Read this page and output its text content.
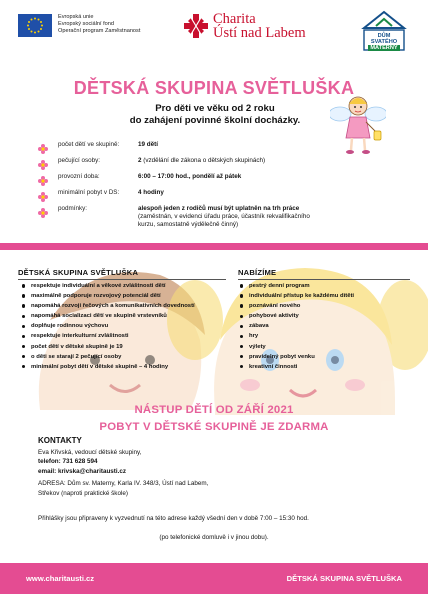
Evropská unie
Evropský sociální fond
Operační program Zaměstnanost
Charita
Ústí nad Labem	DŮM
SVATÉHO
MATERNY
DĚTSKÁ SKUPINA SVĚTLUŠKA
Pro děti ve věku od 2 roku
do zahájení povinné školní docházky.
počet dětí ve skupině:	19 dětí
pečující osoby:	2 (vzdělání dle zákona o dětských skupinách)
provozní doba:	6:00 – 17:00 hod., pondělí až pátek
minimální pobyt v DS:	4 hodiny
podmínky:	alespoň jeden z rodičů musí být uplatněn na trh práce
(zaměstnán, v evidenci úřadu práce, účastník rekvalifikačního kurzu, samostatně výdělečně činný)
DĚTSKÁ SKUPINA SVĚTLUŠKA
respektuje individuální a věkové zvláštnosti dětí
maximálně podporuje rozvojový potenciál dětí
napomáhá rozvoji řečových a komunikativních dovedností
napomáhá socializaci dětí ve skupině vrstevníků
doplňuje rodinnou výchovu
respektuje interkulturní zvláštnosti
počet dětí v dětské skupině je 19
o děti se starají 2 pečující osoby
minimální pobyt dětí v dětské skupině – 4 hodiny
NABÍZÍME
pestrý denní program
individuální přístup ke každému dítěti
poznávání nového
pohybové aktivity
zábava
hry
výlety
pravidelný pobyt venku
kreativní činnosti
NÁSTUP DĚTÍ OD ZÁŘÍ 2021
POBYT V DĚTSKÉ SKUPINĚ JE ZDARMA
KONTAKTY
Eva Křivská, vedoucí dětské skupiny,
telefon: 731 628 594
email: krivska@charitausti.cz
ADRESA: Dům sv. Materny, Karla IV. 348/3, Ústí nad Labem,
Střekov (naproti praktické škole)
Přihlášky jsou připraveny k vyzvednutí na této adrese každý všední den v době 7:00 – 15:30 hod.
(po telefonické domluvě i v jinou dobu).
www.charitausti.cz	DĚTSKÁ SKUPINA SVĚTLUŠKA
